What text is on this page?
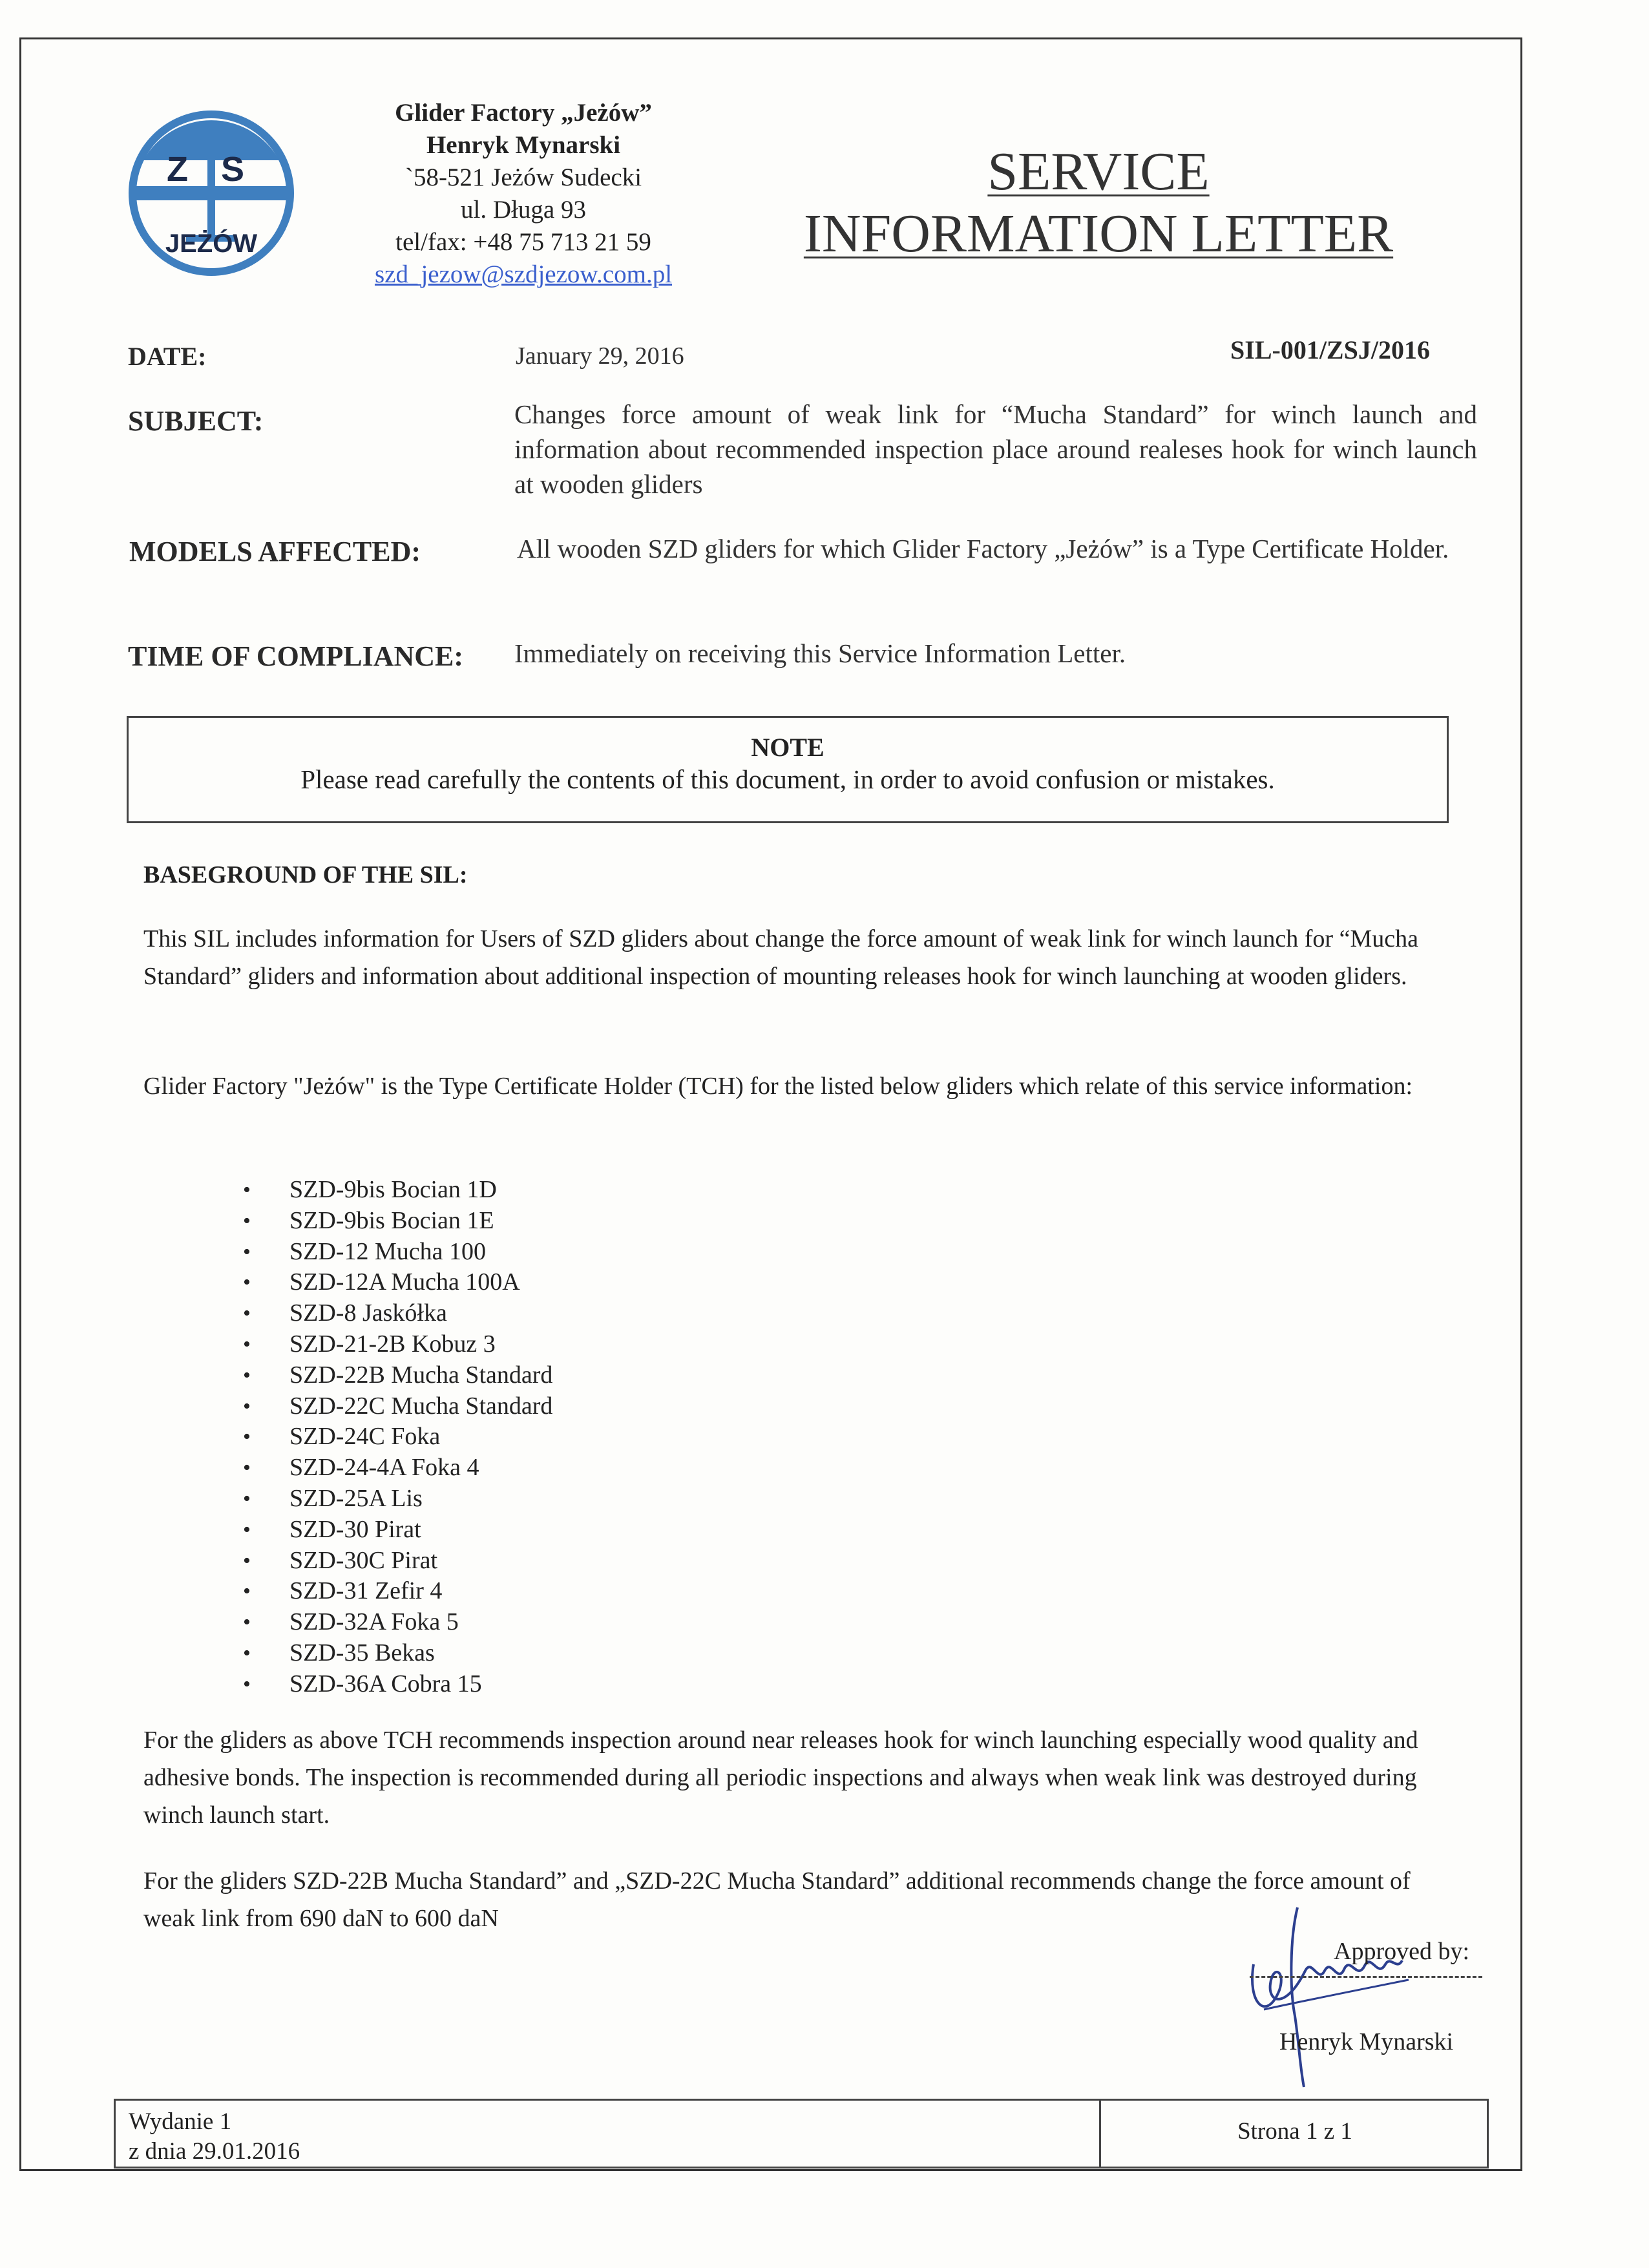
Z S
JEŻÓW
Glider Factory „Jeżów”
Henryk Mynarski
`58-521 Jeżów Sudecki
ul. Długa 93
tel/fax: +48 75 713 21 59
szd_jezow@szdjezow.com.pl
SERVICE
INFORMATION LETTER
DATE:	January 29, 2016	SIL-001/ZSJ/2016
SUBJECT:	Changes force amount of weak link for “Mucha Standard” for winch launch and information about recommended inspection place around realeses hook for winch launch at wooden gliders
MODELS AFFECTED:	All wooden SZD gliders for which Glider Factory „Jeżów” is a Type Certificate Holder.
TIME OF COMPLIANCE: Immediately on receiving this Service Information Letter.
NOTE
Please read carefully the contents of this document, in order to avoid confusion or mistakes.
BASEGROUND OF THE SIL:
This SIL includes information for Users of SZD gliders about change the force amount of weak link for winch launch for “Mucha Standard” gliders and information about additional inspection of mounting releases hook for winch launching at wooden gliders.
Glider Factory "Jeżów" is the Type Certificate Holder (TCH) for the listed below gliders which relate of this service information:
• SZD-9bis Bocian 1D
• SZD-9bis Bocian 1E
• SZD-12 Mucha 100
• SZD-12A Mucha 100A
• SZD-8 Jaskółka
• SZD-21-2B Kobuz 3
• SZD-22B Mucha Standard
• SZD-22C Mucha Standard
• SZD-24C Foka
• SZD-24-4A Foka 4
• SZD-25A Lis
• SZD-30 Pirat
• SZD-30C Pirat
• SZD-31 Zefir 4
• SZD-32A Foka 5
• SZD-35 Bekas
• SZD-36A Cobra 15
For the gliders as above TCH recommends inspection around near releases hook for winch launching especially wood quality and adhesive bonds. The inspection is recommended during all periodic inspections and always when weak link was destroyed during winch launch start.
For the gliders SZD-22B Mucha Standard” and „SZD-22C Mucha Standard” additional recommends change the force amount of weak link from 690 daN to 600 daN
Approved by:
Henryk Mynarski
Wydanie 1
z dnia 29.01.2016
Strona 1 z 1
